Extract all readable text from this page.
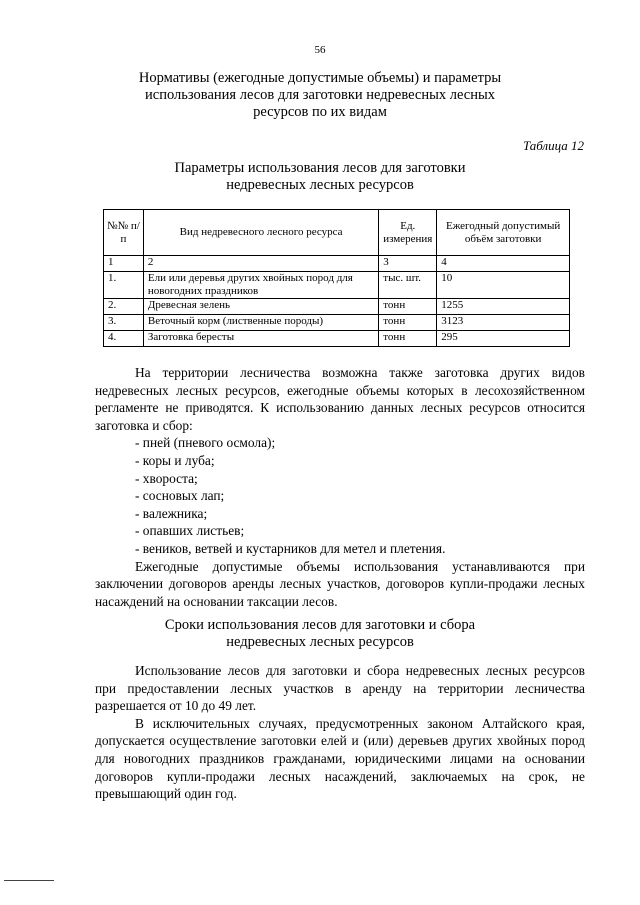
56
Нормативы (ежегодные допустимые объемы) и параметры
использования лесов для заготовки недревесных лесных
ресурсов по их видам
Таблица 12
Параметры использования лесов для заготовки
недревесных лесных ресурсов
№№ п/п	Вид недревесного лесного ресурса	Ед. измерения	Ежегодный допустимый объём заготовки
1	2	3	4
1.	Ели или деревья других хвойных пород для новогодних праздников	тыс. шт.	10
2.	Древесная зелень	тонн	1255
3.	Веточный корм (лиственные породы)	тонн	3123
4.	Заготовка бересты	тонн	295

На территории лесничества возможна также заготовка других видов недревесных лесных ресурсов, ежегодные объемы которых в лесохозяйственном регламенте не приводятся. К использованию данных лесных ресурсов относится заготовка и сбор:

- пней (пневого осмола);
- коры и луба;
- хвороста;
- сосновых лап;
- валежника;
- опавших листьев;
- веников, ветвей и кустарников для метел и плетения.

Ежегодные допустимые объемы использования устанавливаются при заключении договоров аренды лесных участков, договоров купли-продажи лесных насаждений на основании таксации лесов.

Сроки использования лесов для заготовки и сбора
недревесных лесных ресурсов

Использование лесов для заготовки и сбора недревесных лесных ресурсов при предоставлении лесных участков в аренду на территории лесничества разрешается от 10 до 49 лет.

В исключительных случаях, предусмотренных законом Алтайского края, допускается осуществление заготовки елей и (или) деревьев других хвойных пород для новогодних праздников гражданами, юридическими лицами на основании договоров купли-продажи лесных насаждений, заключаемых на срок, не превышающий один год.
